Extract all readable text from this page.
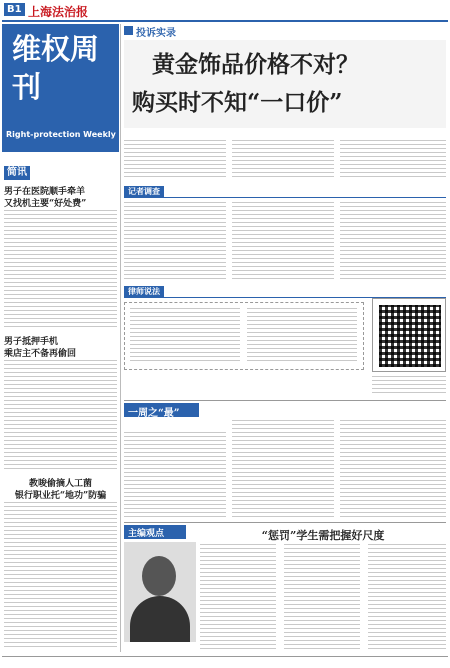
B1 上海法治报
维权周刊
Right-protection Weekly
简讯
男子在医院顺手牵羊
又找机主要“好处费”
男子抵押手机
乘店主不备再偷回
教唆偷摘人工菌
银行职业托“地功”防骗
投诉实录
黄金饰品价格不对？
购买时不知“一口价”
记者调查
律师说法
一周之“最”
主编观点	“惩罚”学生需把握好尺度
